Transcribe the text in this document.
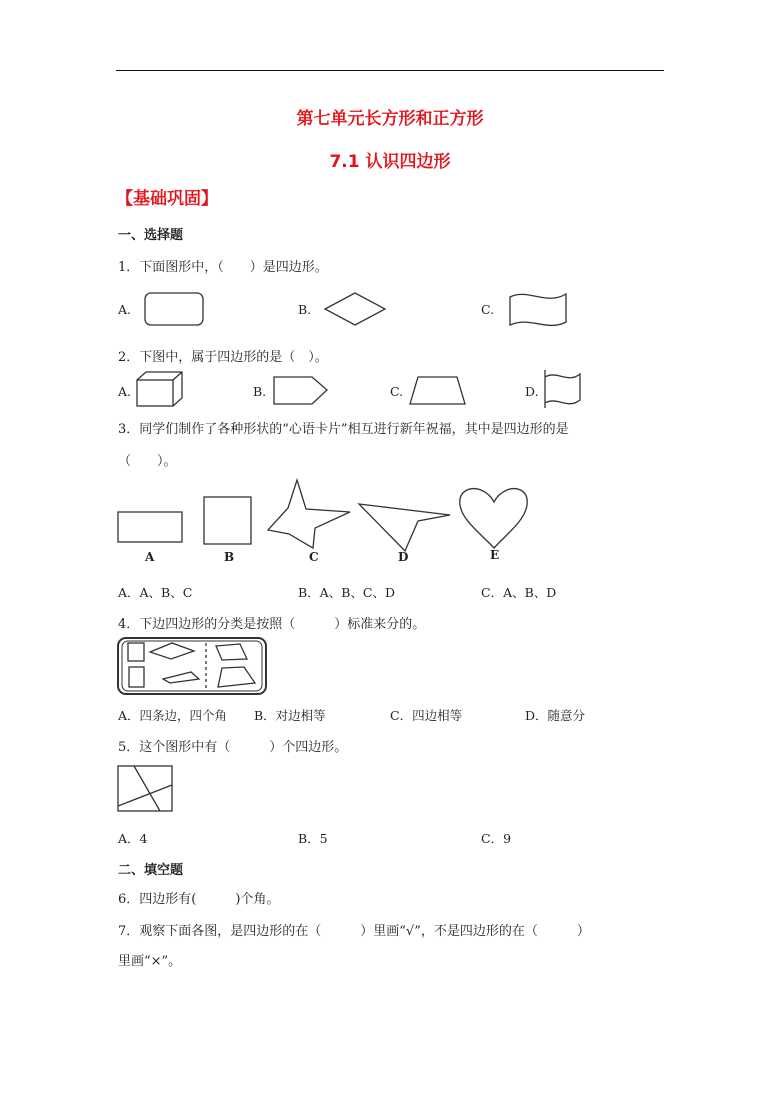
第七单元长方形和正方形
7.1 认识四边形
【基础巩固】
一、选择题
1．下面图形中，（　　）是四边形。
A.	B.	C.
2．下图中，属于四边形的是（　）。
A.	B.	C.	D.
3．同学们制作了各种形状的“心语卡片”相互进行新年祝福，其中是四边形的是
（　　）。
A	B	C	D	E
A．A、B、C	B．A、B、C、D	C．A、B、D
4．下边四边形的分类是按照（　　　）标准来分的。
A．四条边，四个角 B．对边相等	C．四边相等	D．随意分
5．这个图形中有（　　　）个四边形。
A．4	B．5	C．9
二、填空题
6．四边形有(　　　)个角。
7．观察下面各图，是四边形的在（　　　）里画“√”，不是四边形的在（　　　）
里画“×”。
